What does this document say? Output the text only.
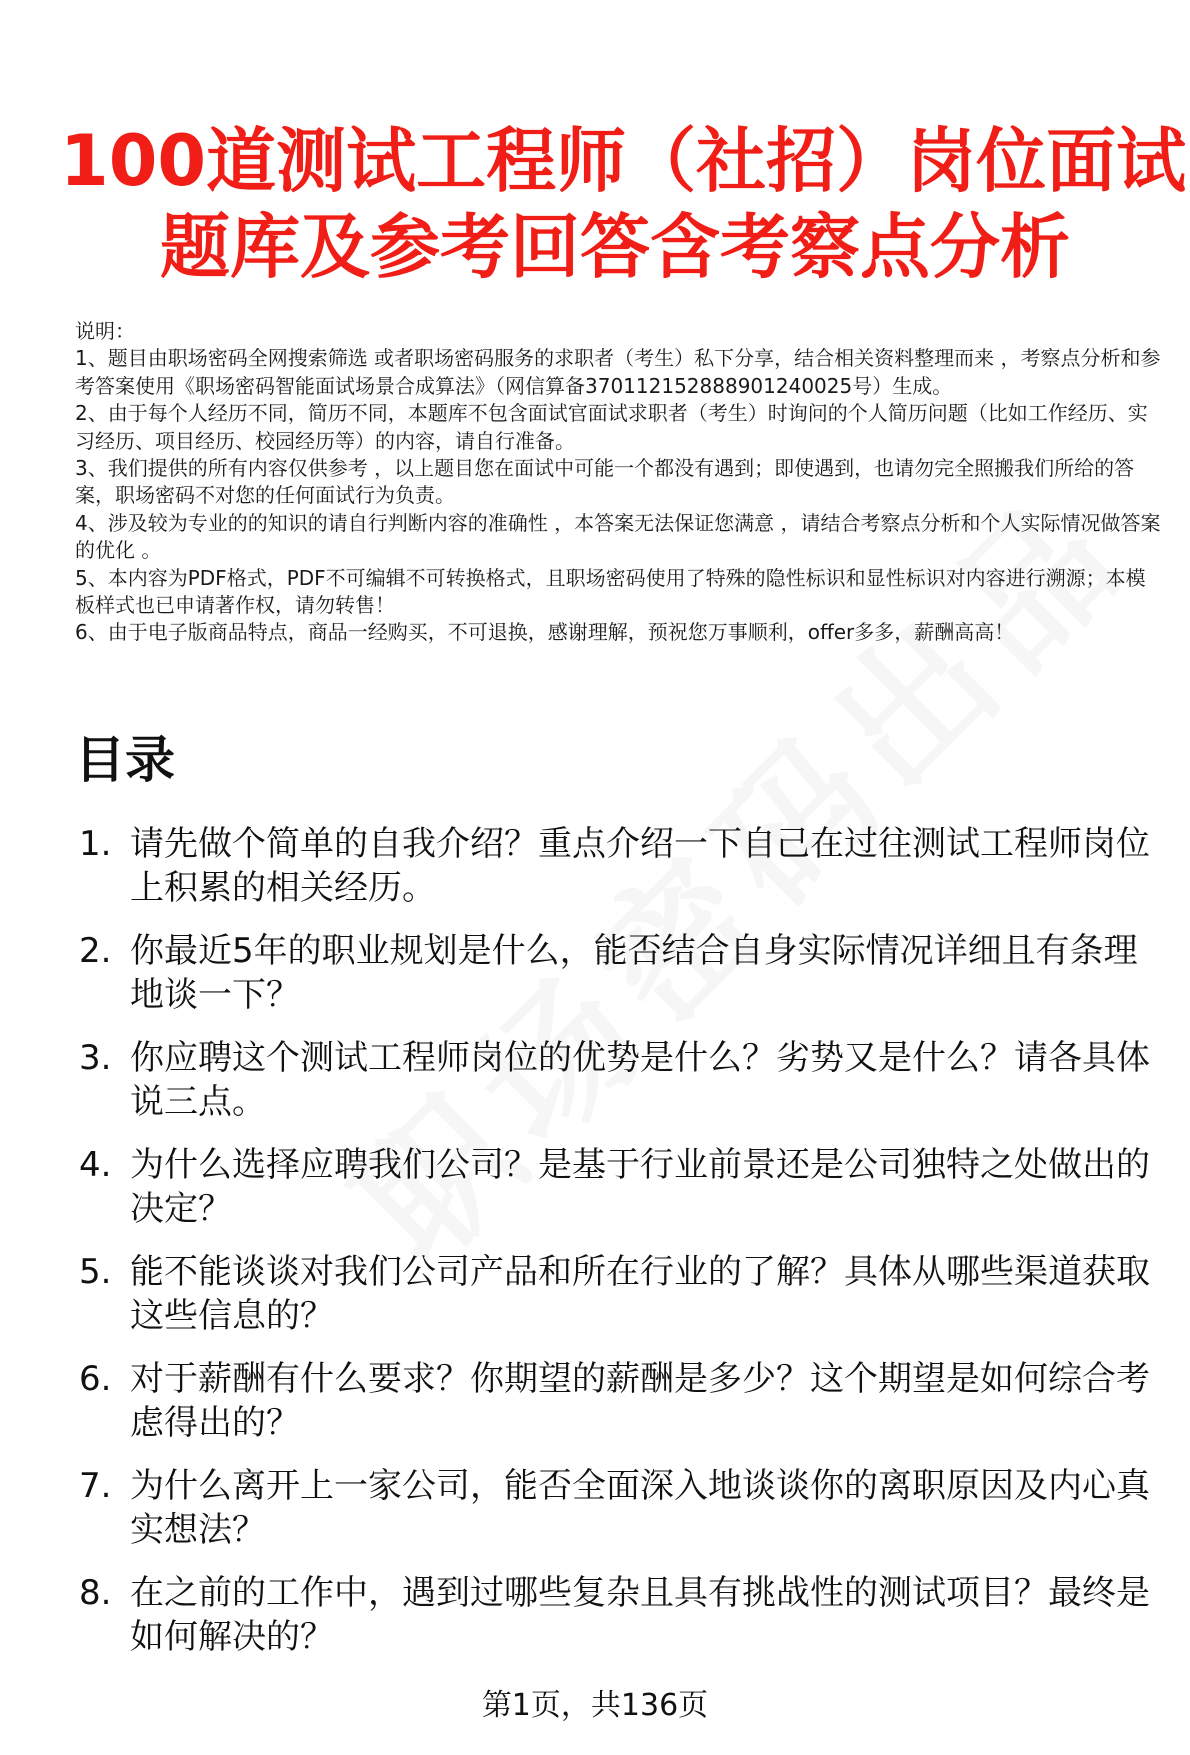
100道测试工程师（社招）岗位面试
题库及参考回答含考察点分析

说明：

1、题目由职场密码全网搜索筛选 或者职场密码服务的求职者（考生）私下分享，结合相关资料整理而来 ，考察点分析和参考答案使用《职场密码智能面试场景合成算法》（网信算备370112152888901240025号）生成。

2、由于每个人经历不同，简历不同，本题库不包含面试官面试求职者（考生）时询问的个人简历问题（比如工作经历、实习经历、项目经历、校园经历等）的内容，请自行准备。

3、我们提供的所有内容仅供参考 ，以上题目您在面试中可能一个都没有遇到；即使遇到，也请勿完全照搬我们所给的答案，职场密码不对您的任何面试行为负责。

4、涉及较为专业的的知识的请自行判断内容的准确性 ，本答案无法保证您满意 ，请结合考察点分析和个人实际情况做答案的优化 。

5、本内容为PDF格式，PDF不可编辑不可转换格式，且职场密码使用了特殊的隐性标识和显性标识对内容进行溯源；本模板样式也已申请著作权，请勿转售！

6、由于电子版商品特点，商品一经购买，不可退换，感谢理解，预祝您万事顺利，offer多多，薪酬高高！

目录
1. 请先做个简单的自我介绍？重点介绍一下自己在过往测试工程师岗位上积累的相关经历。
2. 你最近5年的职业规划是什么，能否结合自身实际情况详细且有条理地谈一下？
3. 你应聘这个测试工程师岗位的优势是什么？劣势又是什么？请各具体说三点。
4. 为什么选择应聘我们公司？是基于行业前景还是公司独特之处做出的决定？
5. 能不能谈谈对我们公司产品和所在行业的了解？具体从哪些渠道获取这些信息的？
6. 对于薪酬有什么要求？你期望的薪酬是多少？这个期望是如何综合考虑得出的？
7. 为什么离开上一家公司，能否全面深入地谈谈你的离职原因及内心真实想法？
8. 在之前的工作中，遇到过哪些复杂且具有挑战性的测试项目？最终是如何解决的？
第1页，共136页
